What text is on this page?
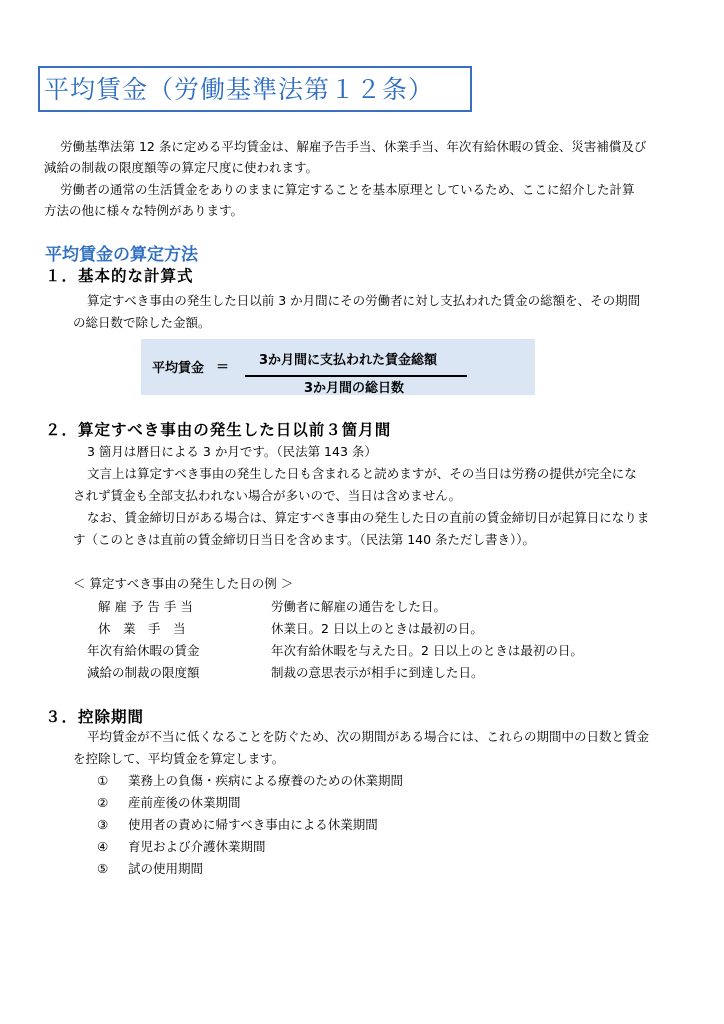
平均賃金（労働基準法第１２条）
労働基準法第 12 条に定める平均賃金は、解雇予告手当、休業手当、年次有給休暇の賃金、災害補償及び
減給の制裁の限度額等の算定尺度に使われます。
労働者の通常の生活賃金をありのままに算定することを基本原理としているため、ここに紹介した計算
方法の他に様々な特例があります。
平均賃金の算定方法
１．基本的な計算式
算定すべき事由の発生した日以前 3 か月間にその労働者に対し支払われた賃金の総額を、その期間
の総日数で除した金額。
平均賃金 ＝ 3か月間に支払われた賃金総額
3か月間の総日数
２．算定すべき事由の発生した日以前３箇月間
3 箇月は暦日による 3 か月です。（民法第 143 条）
文言上は算定すべき事由の発生した日も含まれると読めますが、その当日は労務の提供が完全にな
されず賃金も全部支払われない場合が多いので、当日は含めません。
なお、賃金締切日がある場合は、算定すべき事由の発生した日の直前の賃金締切日が起算日になりま
す（このときは直前の賃金締切日当日を含めます。（民法第 140 条ただし書き））。
＜ 算定すべき事由の発生した日の例 ＞
解 雇 予 告 手 当	労働者に解雇の通告をした日。
休　業　手　当	休業日。2 日以上のときは最初の日。
年次有給休暇の賃金	年次有給休暇を与えた日。2 日以上のときは最初の日。
減給の制裁の限度額	制裁の意思表示が相手に到達した日。
３．控除期間
平均賃金が不当に低くなることを防ぐため、次の期間がある場合には、これらの期間中の日数と賃金
を控除して、平均賃金を算定します。
① 業務上の負傷・疾病による療養のための休業期間
② 産前産後の休業期間
③ 使用者の責めに帰すべき事由による休業期間
④ 育児および介護休業期間
⑤ 試の使用期間
